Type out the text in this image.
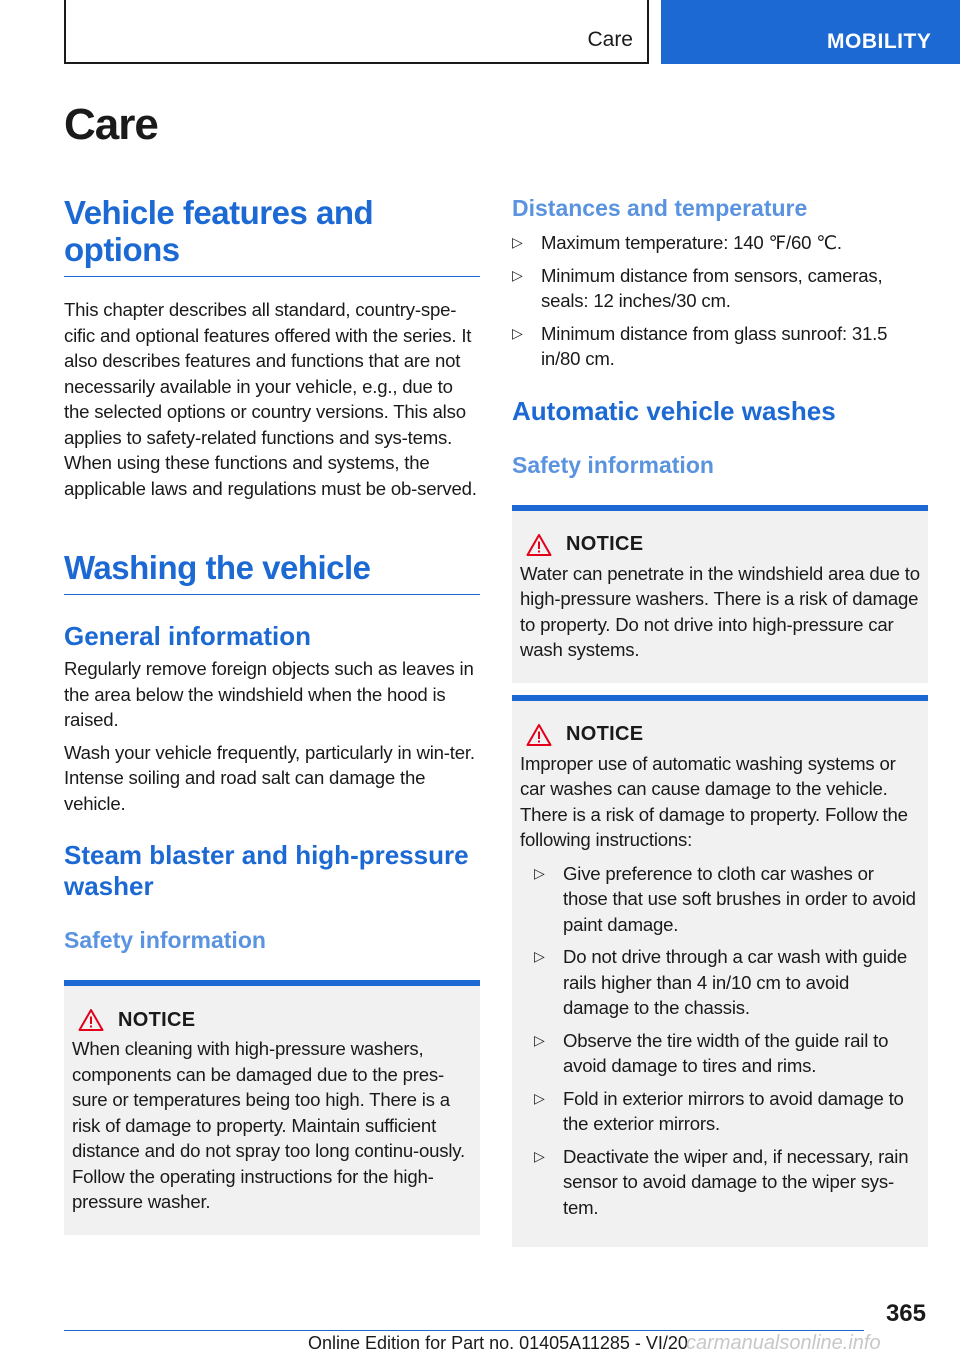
Care	MOBILITY
Care
Vehicle features and options

This chapter describes all standard, country-spe-cific and optional features offered with the series. It also describes features and functions that are not necessarily available in your vehicle, e.g., due to the selected options or country versions. This also applies to safety-related functions and sys-tems. When using these functions and systems, the applicable laws and regulations must be ob-served.

Washing the vehicle
General information

Regularly remove foreign objects such as leaves in the area below the windshield when the hood is raised.

Wash your vehicle frequently, particularly in win-ter. Intense soiling and road salt can damage the vehicle.

Steam blaster and high-pressure washer
Safety information
NOTICE

When cleaning with high-pressure washers, components can be damaged due to the pres-sure or temperatures being too high. There is a risk of damage to property. Maintain sufficient distance and do not spray too long continu-ously. Follow the operating instructions for the high-pressure washer.

Distances and temperature
▷ Maximum temperature: 140 ℉/60 ℃.
▷ Minimum distance from sensors, cameras, seals: 12 inches/30 cm.
▷ Minimum distance from glass sunroof: 31.5 in/80 cm.
Automatic vehicle washes
Safety information
NOTICE

Water can penetrate in the windshield area due to high-pressure washers. There is a risk of damage to property. Do not drive into high-pressure car wash systems.

NOTICE

Improper use of automatic washing systems or car washes can cause damage to the vehicle. There is a risk of damage to property. Follow the following instructions:

▷ Give preference to cloth car washes or those that use soft brushes in order to avoid paint damage.
▷ Do not drive through a car wash with guide rails higher than 4 in/10 cm to avoid damage to the chassis.
▷ Observe the tire width of the guide rail to avoid damage to tires and rims.
▷ Fold in exterior mirrors to avoid damage to the exterior mirrors.
▷ Deactivate the wiper and, if necessary, rain sensor to avoid damage to the wiper sys-tem.
365
Online Edition for Part no. 01405A11285 - VI/20
carmanualsonline.info
